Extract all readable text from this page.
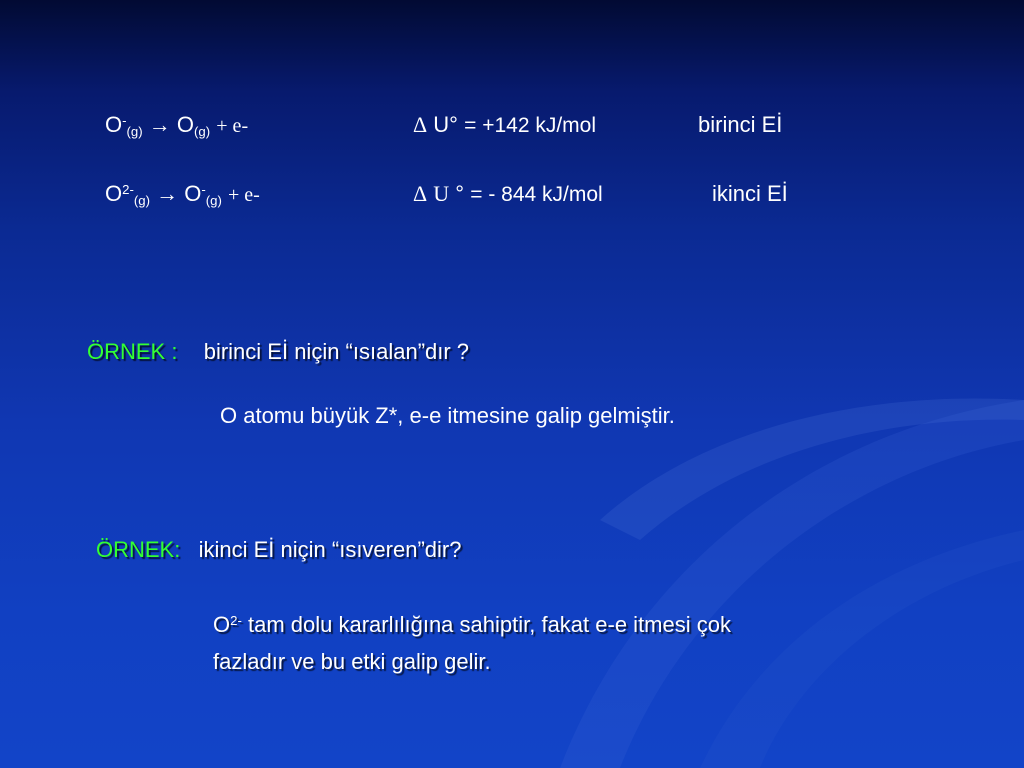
$O^-_{(g)} \to O_{(g)} + e-$	Δ U° = +142 kJ/mol	birinci Eİ
$O^{2-}_{(g)} \to O^-_{(g)} + e-$	Δ U ° = - 844 kJ/mol	ikinci Eİ
ÖRNEK : birinci Eİ niçin “ısıalan”dır ?
O atomu büyük Z*, e-e itmesine galip gelmiştir.
ÖRNEK: ikinci Eİ niçin “ısıveren”dir?
$O^{2-}$ tam dolu kararlılığına sahiptir, fakat e-e itmesi çok
fazladır ve bu etki galip gelir.
